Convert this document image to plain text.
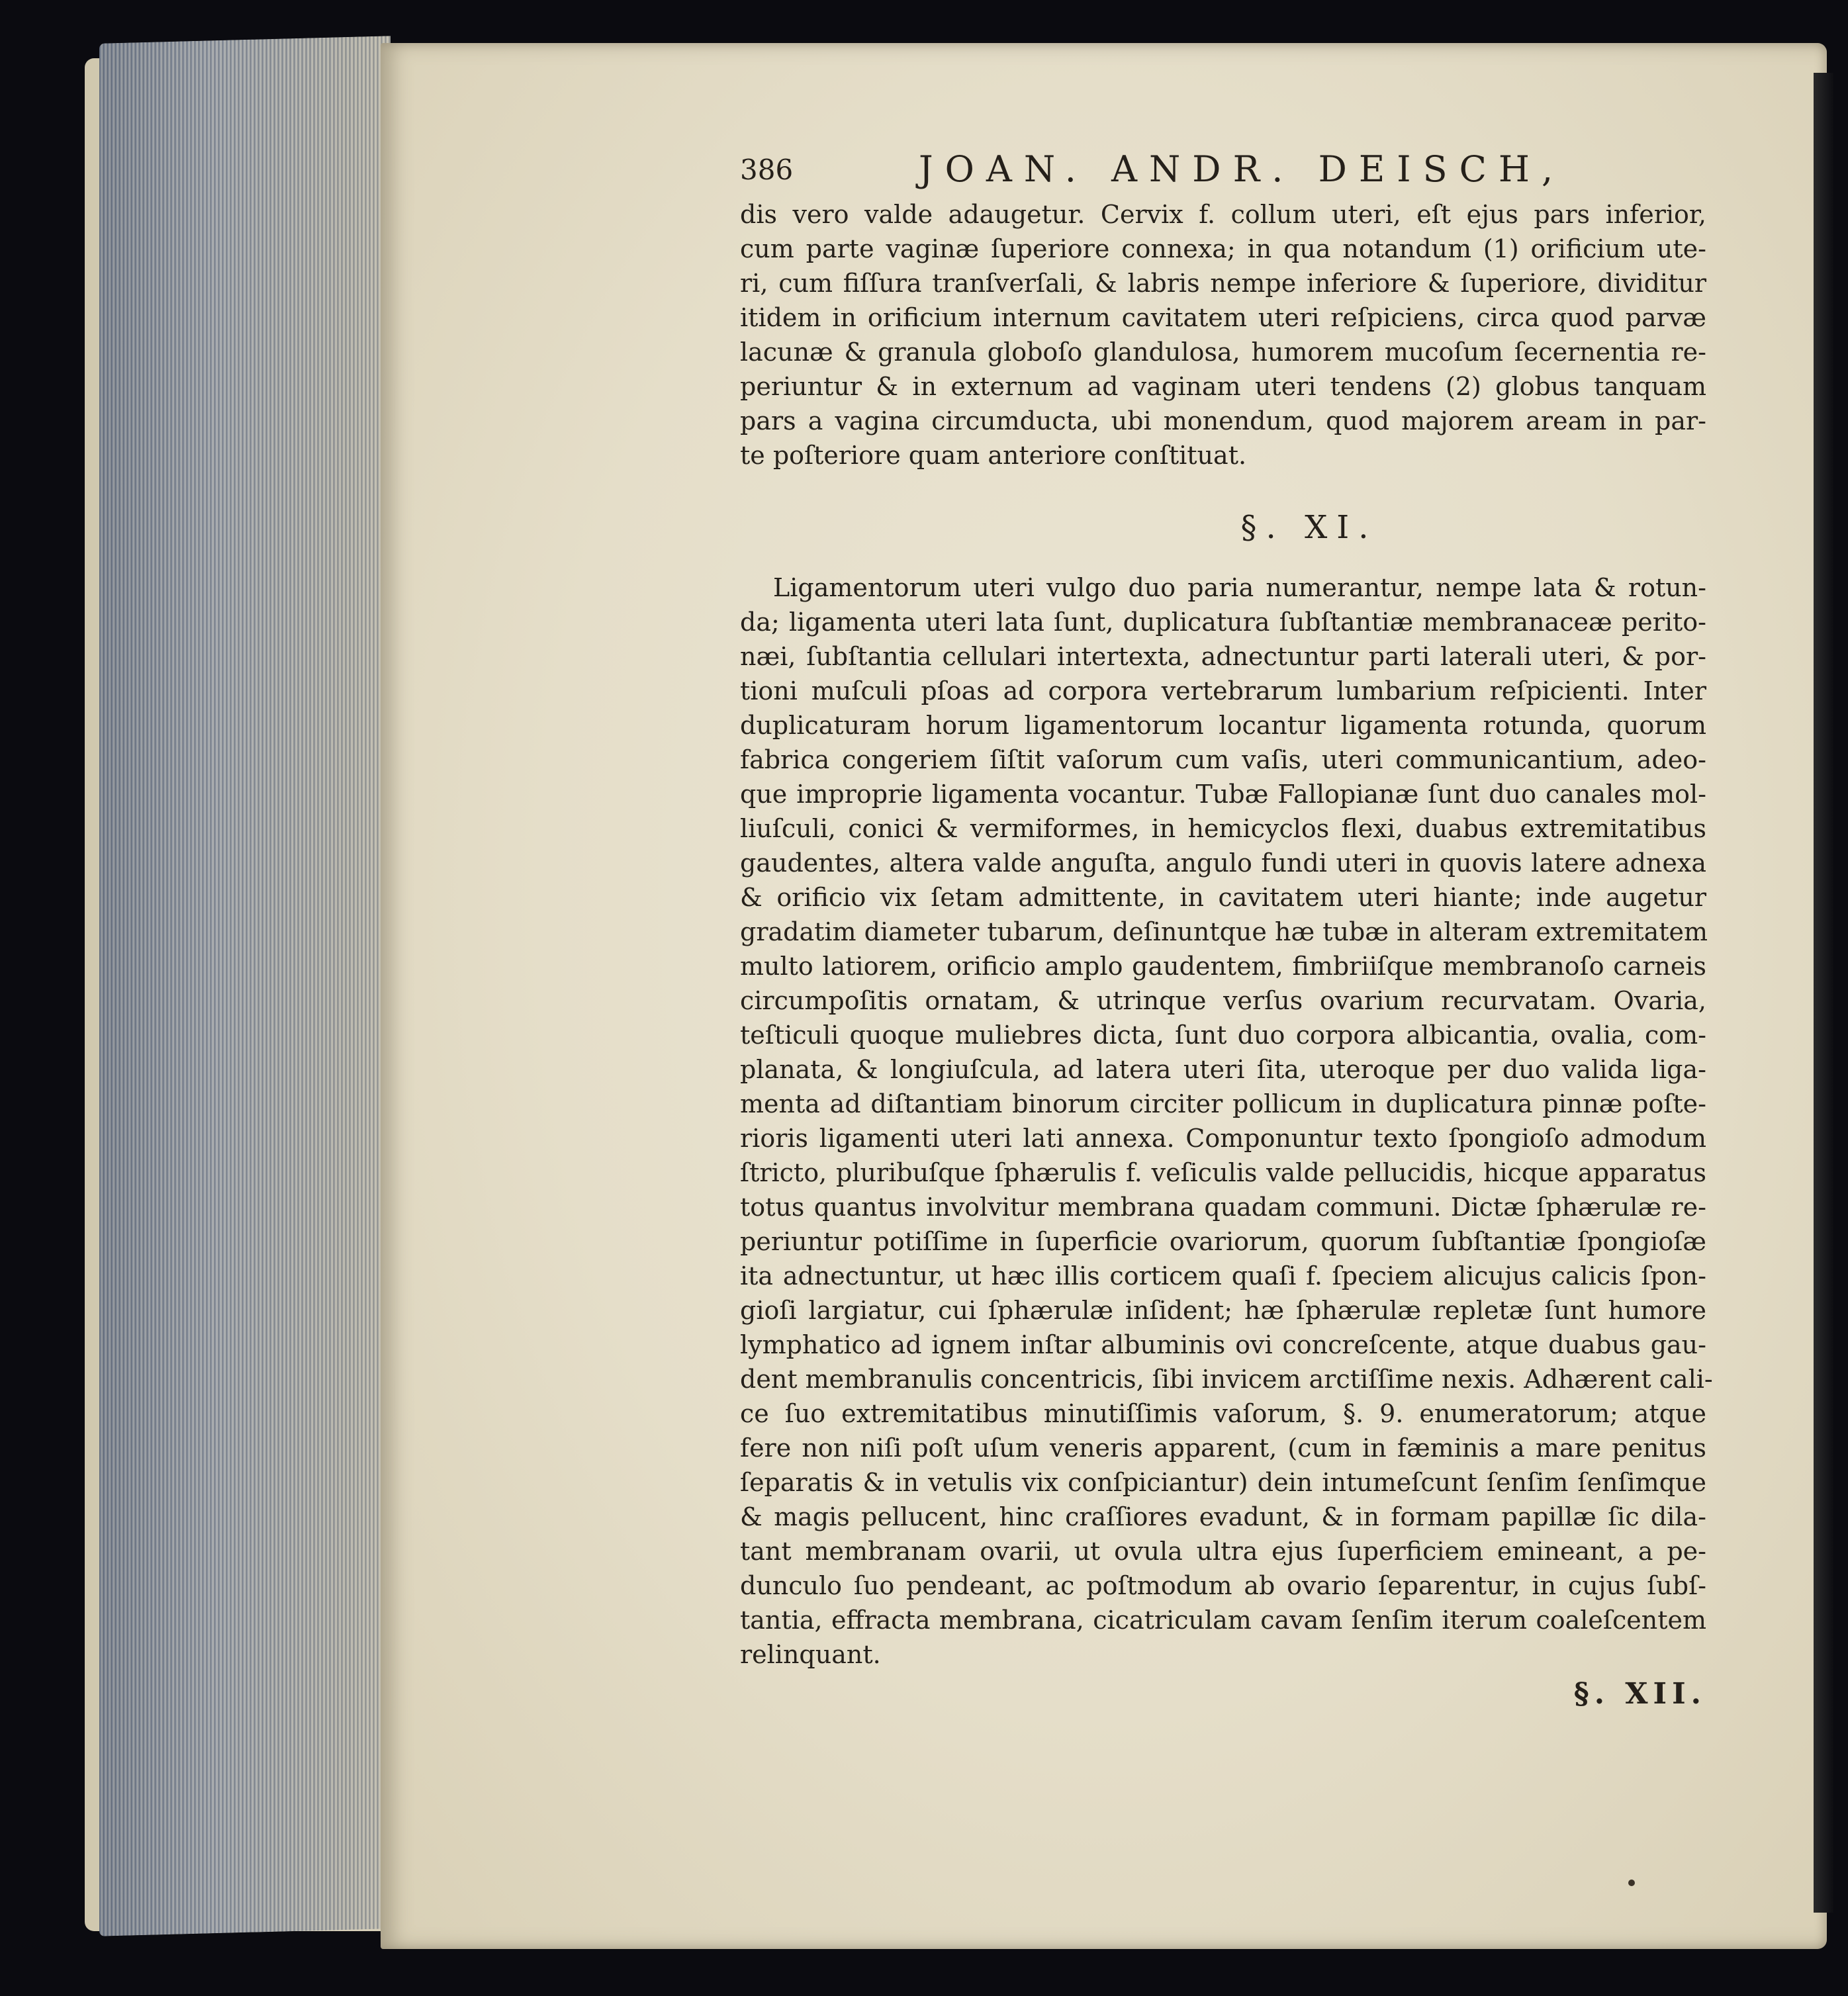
386	JOAN. ANDR. DEISCH,
dis vero valde adaugetur. Cervix f. collum uteri, eſt ejus pars inferior,
cum parte vaginæ ſuperiore connexa; in qua notandum (1) orificium ute-
ri, cum fiſſura tranſverſali, & labris nempe inferiore & ſuperiore, dividitur
itidem in orificium internum cavitatem uteri reſpiciens, circa quod parvæ
lacunæ & granula globoſo glandulosa, humorem mucoſum ſecernentia re-
periuntur & in externum ad vaginam uteri tendens (2) globus tanquam
pars a vagina circumducta, ubi monendum, quod majorem aream in par-
te poſteriore quam anteriore conſtituat.
§. XI.
Ligamentorum uteri vulgo duo paria numerantur, nempe lata & rotun-
da; ligamenta uteri lata ſunt, duplicatura ſubſtantiæ membranaceæ perito-
næi, ſubſtantia cellulari intertexta, adnectuntur parti laterali uteri, & por-
tioni muſculi pſoas ad corpora vertebrarum lumbarium reſpicienti. Inter
duplicaturam horum ligamentorum locantur ligamenta rotunda, quorum
fabrica congeriem ſiſtit vaſorum cum vaſis, uteri communicantium, adeo-
que improprie ligamenta vocantur. Tubæ Fallopianæ ſunt duo canales mol-
liuſculi, conici & vermiformes, in hemicyclos flexi, duabus extremitatibus
gaudentes, altera valde anguſta, angulo fundi uteri in quovis latere adnexa
& orificio vix ſetam admittente, in cavitatem uteri hiante; inde augetur
gradatim diameter tubarum, deſinuntque hæ tubæ in alteram extremitatem
multo latiorem, orificio amplo gaudentem, fimbriiſque membranoſo carneis
circumpoſitis ornatam, & utrinque verſus ovarium recurvatam. Ovaria,
teſticuli quoque muliebres dicta, ſunt duo corpora albicantia, ovalia, com-
planata, & longiuſcula, ad latera uteri ſita, uteroque per duo valida liga-
menta ad diſtantiam binorum circiter pollicum in duplicatura pinnæ poſte-
rioris ligamenti uteri lati annexa. Componuntur texto ſpongioſo admodum
ſtricto, pluribuſque ſphærulis f. veſiculis valde pellucidis, hicque apparatus
totus quantus involvitur membrana quadam communi. Dictæ ſphærulæ re-
periuntur potiſſime in ſuperficie ovariorum, quorum ſubſtantiæ ſpongioſæ
ita adnectuntur, ut hæc illis corticem quaſi f. ſpeciem alicujus calicis ſpon-
gioſi largiatur, cui ſphærulæ inſident; hæ ſphærulæ repletæ ſunt humore
lymphatico ad ignem inſtar albuminis ovi concreſcente, atque duabus gau-
dent membranulis concentricis, ſibi invicem arctiſſime nexis. Adhærent cali-
ce ſuo extremitatibus minutiſſimis vaſorum, §. 9. enumeratorum; atque
fere non niſi poſt uſum veneris apparent, (cum in fæminis a mare penitus
ſeparatis & in vetulis vix conſpiciantur) dein intumeſcunt ſenſim ſenſimque
& magis pellucent, hinc craſſiores evadunt, & in formam papillæ ſic dila-
tant membranam ovarii, ut ovula ultra ejus ſuperficiem emineant, a pe-
dunculo ſuo pendeant, ac poſtmodum ab ovario ſeparentur, in cujus ſubſ-
tantia, effracta membrana, cicatriculam cavam ſenſim iterum coaleſcentem
relinquant.
§. XII.
